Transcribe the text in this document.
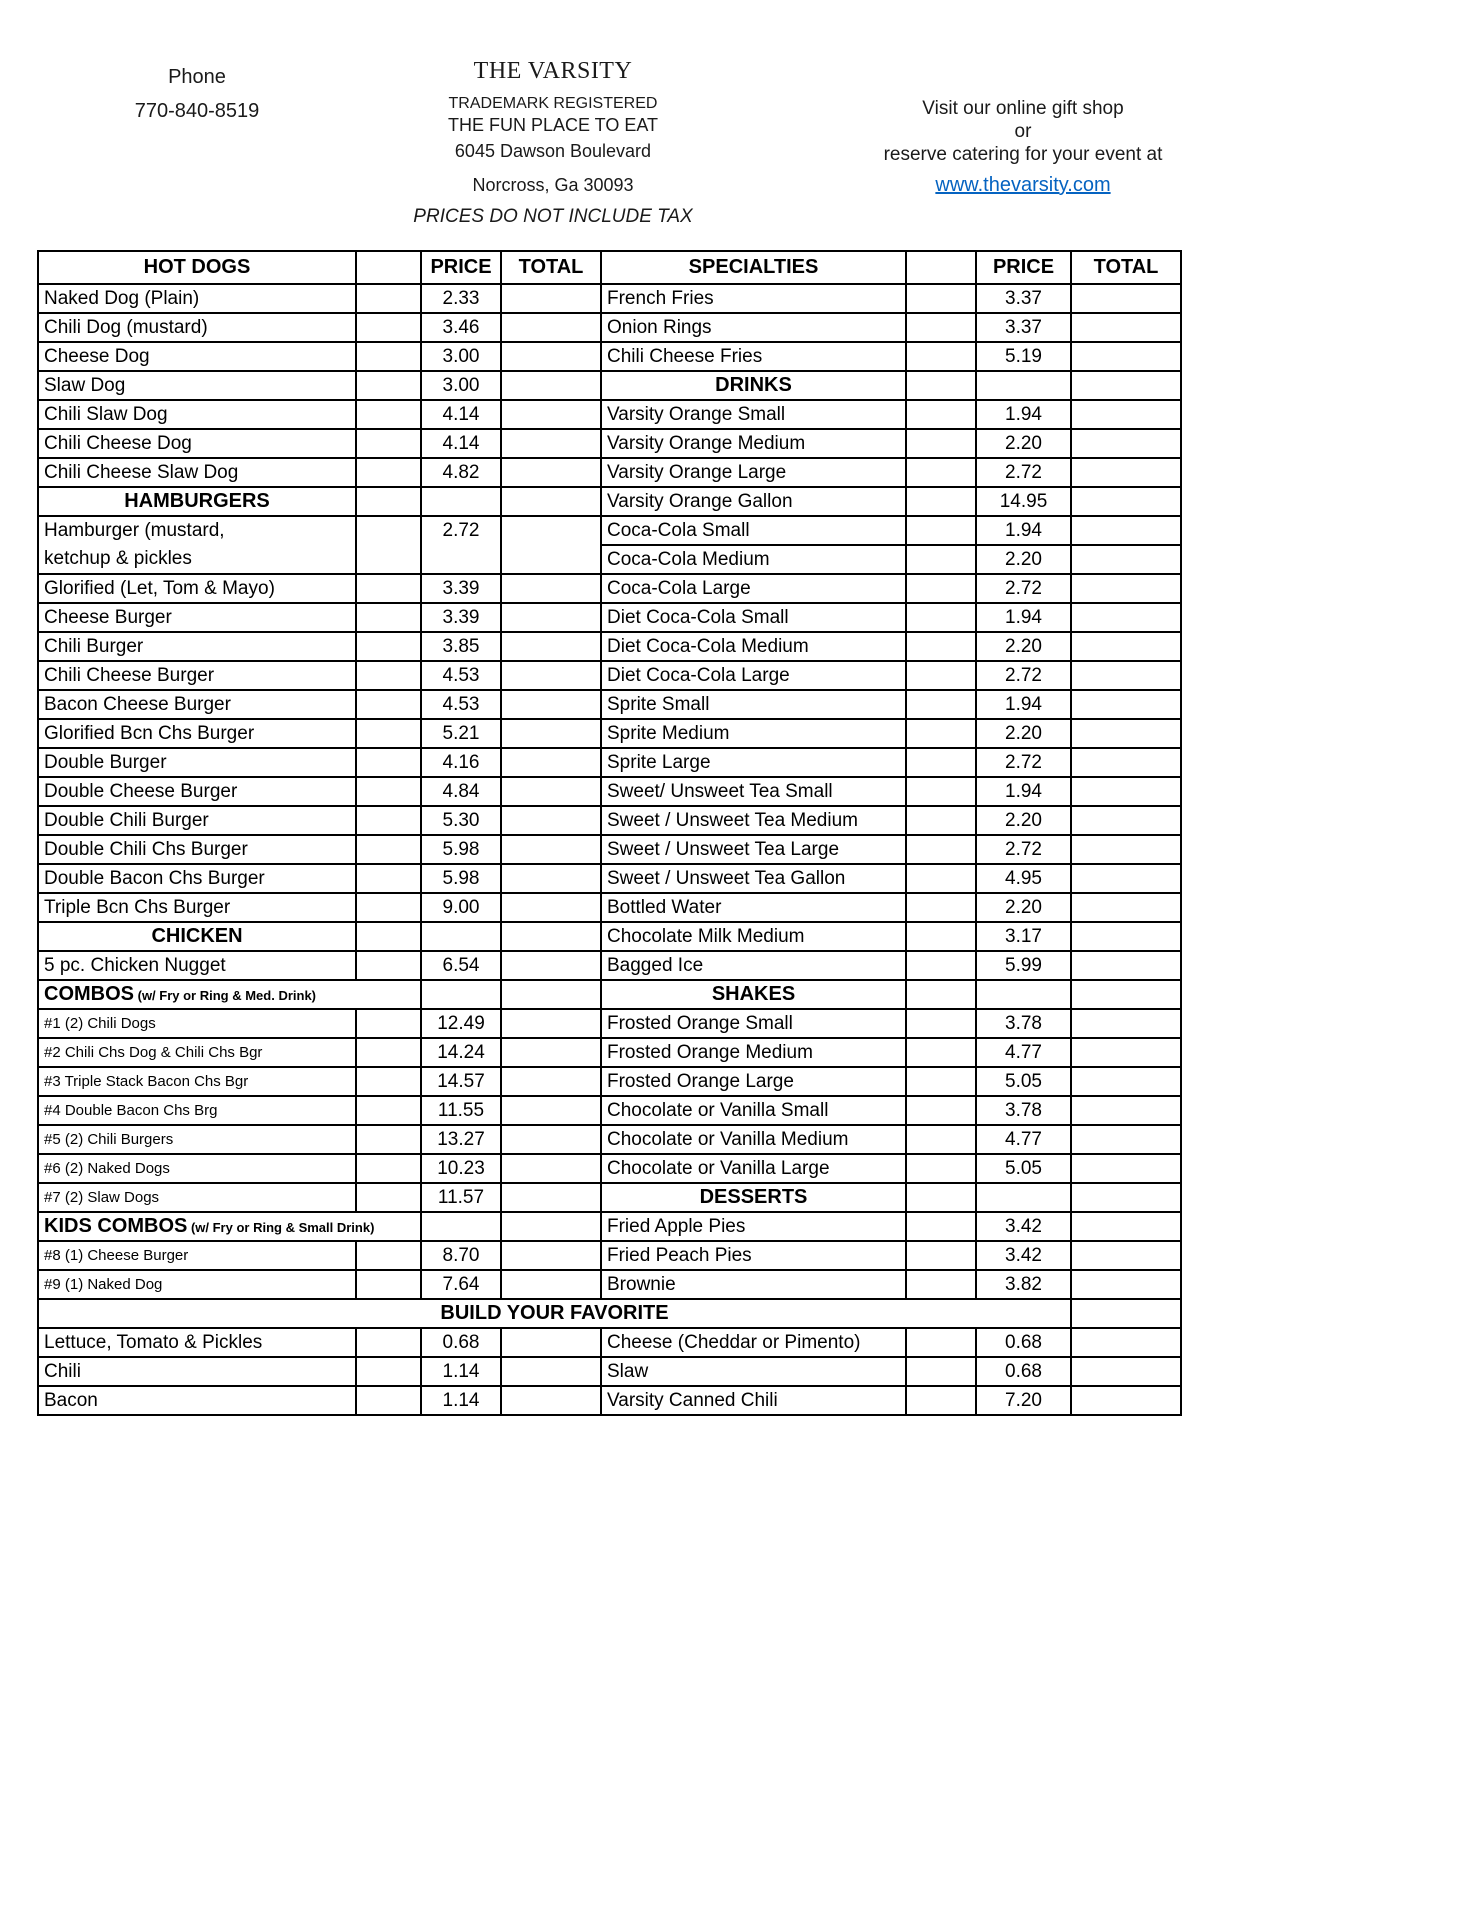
Phone
770-840-8519
THE VARSITY
TRADEMARK REGISTERED
THE FUN PLACE TO EAT
6045 Dawson Boulevard
Norcross, Ga 30093
PRICES DO NOT INCLUDE TAX
Visit our online gift shop
or
reserve catering for your event at
www.thevarsity.com
HOT DOGS		PRICE	TOTAL	SPECIALTIES		PRICE	TOTAL
Naked Dog (Plain)		2.33		French Fries		3.37	
Chili Dog (mustard)		3.46		Onion Rings		3.37	
Cheese Dog		3.00		Chili Cheese Fries		5.19	
Slaw Dog		3.00		DRINKS			
Chili Slaw Dog		4.14		Varsity Orange Small		1.94	
Chili Cheese Dog		4.14		Varsity Orange Medium		2.20	
Chili Cheese Slaw Dog		4.82		Varsity Orange Large		2.72	
HAMBURGERS				Varsity Orange Gallon		14.95	

Hamburger (mustard,
ketchup & pickles		2.72		Coca-Cola Small		1.94	
				Coca-Cola Medium		2.20	
Glorified (Let, Tom & Mayo)		3.39		Coca-Cola Large		2.72	
Cheese Burger		3.39		Diet Coca-Cola Small		1.94	
Chili Burger		3.85		Diet Coca-Cola Medium		2.20	
Chili Cheese Burger		4.53		Diet Coca-Cola Large		2.72	
Bacon Cheese Burger		4.53		Sprite Small		1.94	
Glorified Bcn Chs Burger		5.21		Sprite Medium		2.20	
Double Burger		4.16		Sprite Large		2.72	
Double Cheese Burger		4.84		Sweet/ Unsweet Tea Small		1.94	
Double Chili Burger		5.30		Sweet / Unsweet Tea Medium		2.20	
Double Chili Chs Burger		5.98		Sweet / Unsweet Tea Large		2.72	
Double Bacon Chs Burger		5.98		Sweet / Unsweet Tea Gallon		4.95	
Triple Bcn Chs Burger		9.00		Bottled Water		2.20	
CHICKEN				Chocolate Milk Medium		3.17	
5 pc. Chicken Nugget		6.54		Bagged Ice		5.99	
COMBOS (w/ Fry or Ring & Med. Drink)				SHAKES			
#1 (2) Chili Dogs		12.49		Frosted Orange Small		3.78	
#2 Chili Chs Dog & Chili Chs Bgr		14.24		Frosted Orange Medium		4.77	
#3 Triple Stack Bacon Chs Bgr		14.57		Frosted Orange Large		5.05	
#4 Double Bacon Chs Brg		11.55		Chocolate or Vanilla Small		3.78	
#5 (2) Chili Burgers		13.27		Chocolate or Vanilla Medium		4.77	
#6 (2) Naked Dogs		10.23		Chocolate or Vanilla Large		5.05	
#7 (2) Slaw Dogs		11.57		DESSERTS			
KIDS COMBOS (w/ Fry or Ring & Small Drink)				Fried Apple Pies		3.42	
#8 (1) Cheese Burger		8.70		Fried Peach Pies		3.42	
#9 (1) Naked Dog		7.64		Brownie		3.82	
BUILD YOUR FAVORITE							
Lettuce, Tomato & Pickles		0.68		Cheese (Cheddar or Pimento)		0.68	
Chili		1.14		Slaw		0.68	
Bacon		1.14		Varsity Canned Chili		7.20	
